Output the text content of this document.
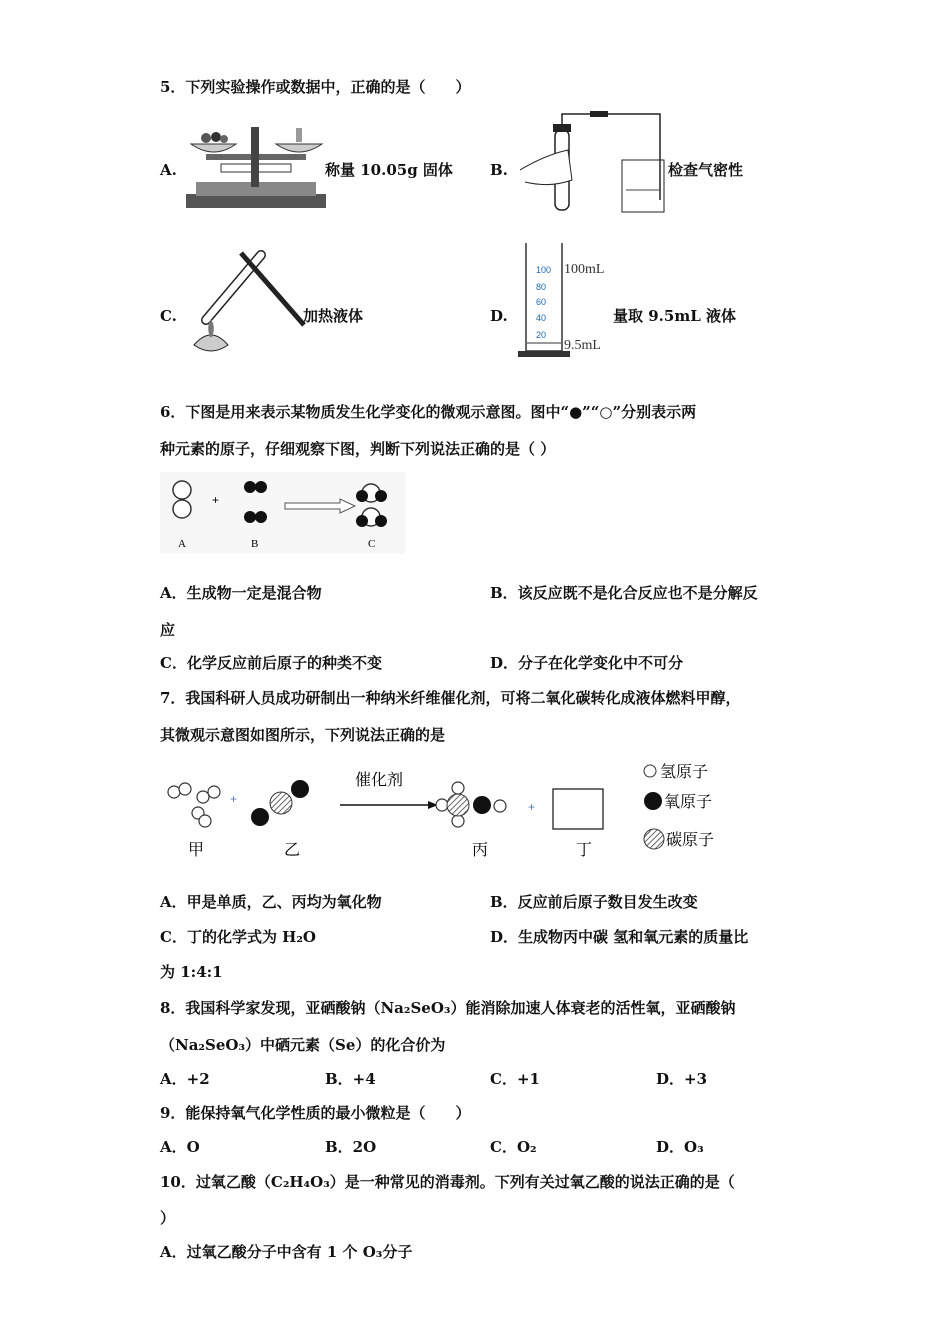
5．下列实验操作或数据中，正确的是（　　）
A.	称量 10.05g 固体 B.	检查气密性
C.	加热液体	D.
100
80
60
40
20
100mL
9.5mL
量取 9.5mL 液体
6．下图是用来表示某物质发生化学变化的微观示意图。图中“●”“○”分别表示两
种元素的原子，仔细观察下图，判断下列说法正确的是（ ）
+
A	B	C
A．生成物一定是混合物	B．该反应既不是化合反应也不是分解反
应
C．化学反应前后原子的种类不变	D．分子在化学变化中不可分
7．我国科研人员成功研制出一种纳米纤维催化剂，可将二氧化碳转化成液体燃料甲醇，
其微观示意图如图所示，下列说法正确的是
+
催化剂
+
甲	乙	丙	丁
氢原子
氧原子
碳原子
A．甲是单质，乙、丙均为氧化物	B．反应前后原子数目发生改变
C．丁的化学式为 H₂O	D．生成物丙中碳 氢和氧元素的质量比
为 1:4:1
8．我国科学家发现，亚硒酸钠（Na₂SeO₃）能消除加速人体衰老的活性氧，亚硒酸钠
（Na₂SeO₃）中硒元素（Se）的化合价为
A．+2	B．+4	C．+1	D．+3
9．能保持氧气化学性质的最小微粒是（　　）
A．O	B．2O	C．O₂	D．O₃
10．过氧乙酸（C₂H₄O₃）是一种常见的消毒剂。下列有关过氧乙酸的说法正确的是（
）
A．过氧乙酸分子中含有 1 个 O₃分子
